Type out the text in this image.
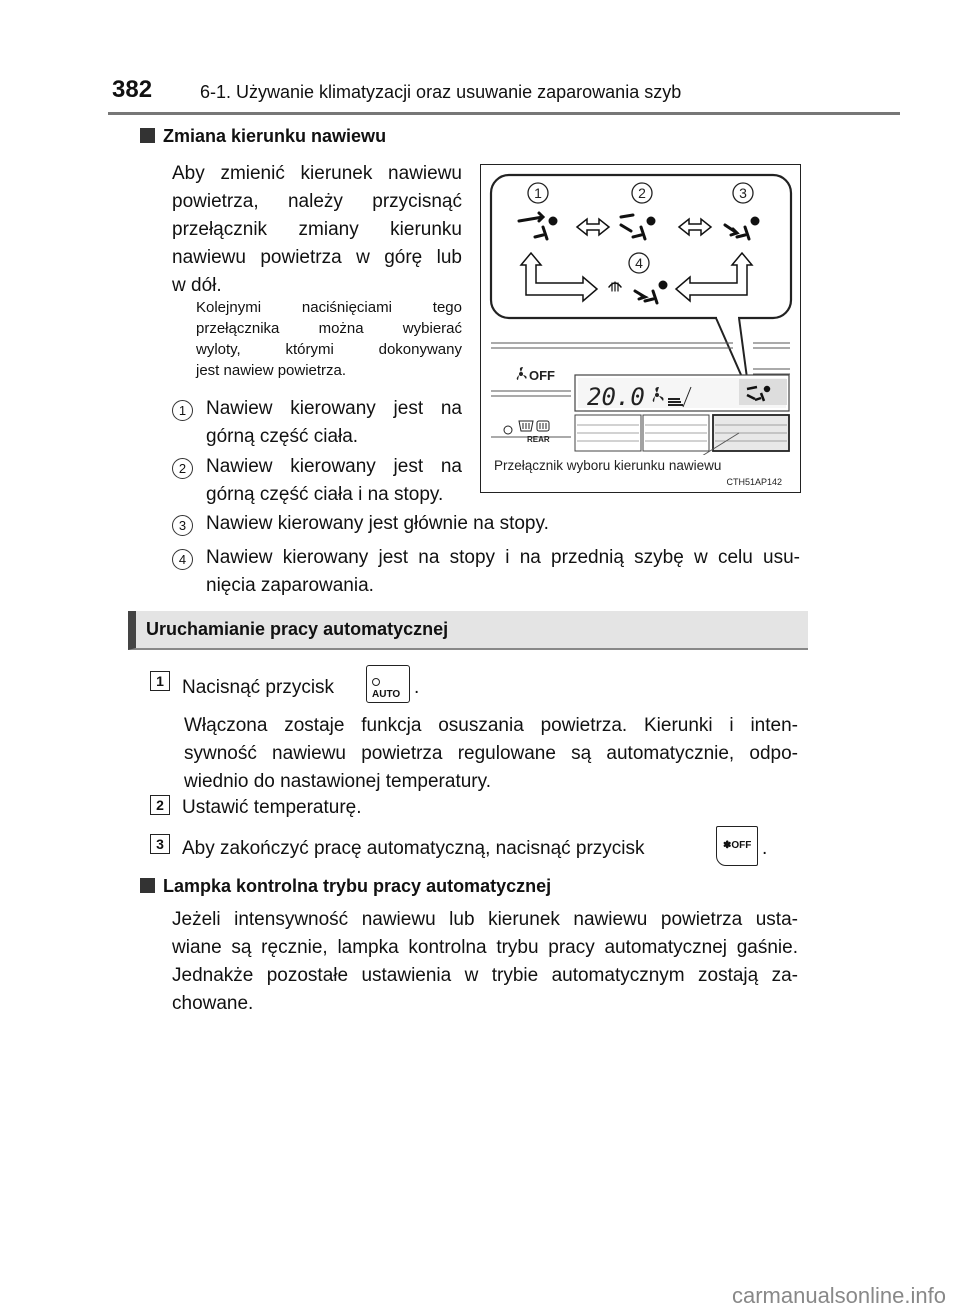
382	6-1. Używanie klimatyzacji oraz usuwanie zaparowania szyb
Zmiana kierunku nawiewu
Aby zmienić kierunek nawiewu
powietrza, należy przycisnąć
przełącznik zmiany kierunku
nawiewu powietrza w górę lub
w dół.
Kolejnymi naciśnięciami tego
przełącznika można wybierać
wyloty, którymi dokonywany
jest nawiew powietrza.
1	Nawiew kierowany jest na
górną część ciała.
2	Nawiew kierowany jest na
górną część ciała i na stopy.
3	Nawiew kierowany jest głównie na stopy.
4	Nawiew kierowany jest na stopy i na przednią szybę w celu usu-
nięcia zaparowania.
1	2	3
4
20.0
OFF
REAR
Przełącznik wyboru kierunku nawiewu
CTH51AP142
Uruchamianie pracy automatycznej
1 Nacisnąć przycisk	AUTO .
Włączona zostaje funkcja osuszania powietrza. Kierunki i inten-
sywność nawiewu powietrza regulowane są automatycznie, odpo-
wiednio do nastawionej temperatury.
2 Ustawić temperaturę.
3 Aby zakończyć pracę automatyczną, nacisnąć przycisk	✽OFF .
Lampka kontrolna trybu pracy automatycznej
Jeżeli intensywność nawiewu lub kierunek nawiewu powietrza usta-
wiane są ręcznie, lampka kontrolna trybu pracy automatycznej gaśnie.
Jednakże pozostałe ustawienia w trybie automatycznym zostają za-
chowane.
carmanualsonline.info
